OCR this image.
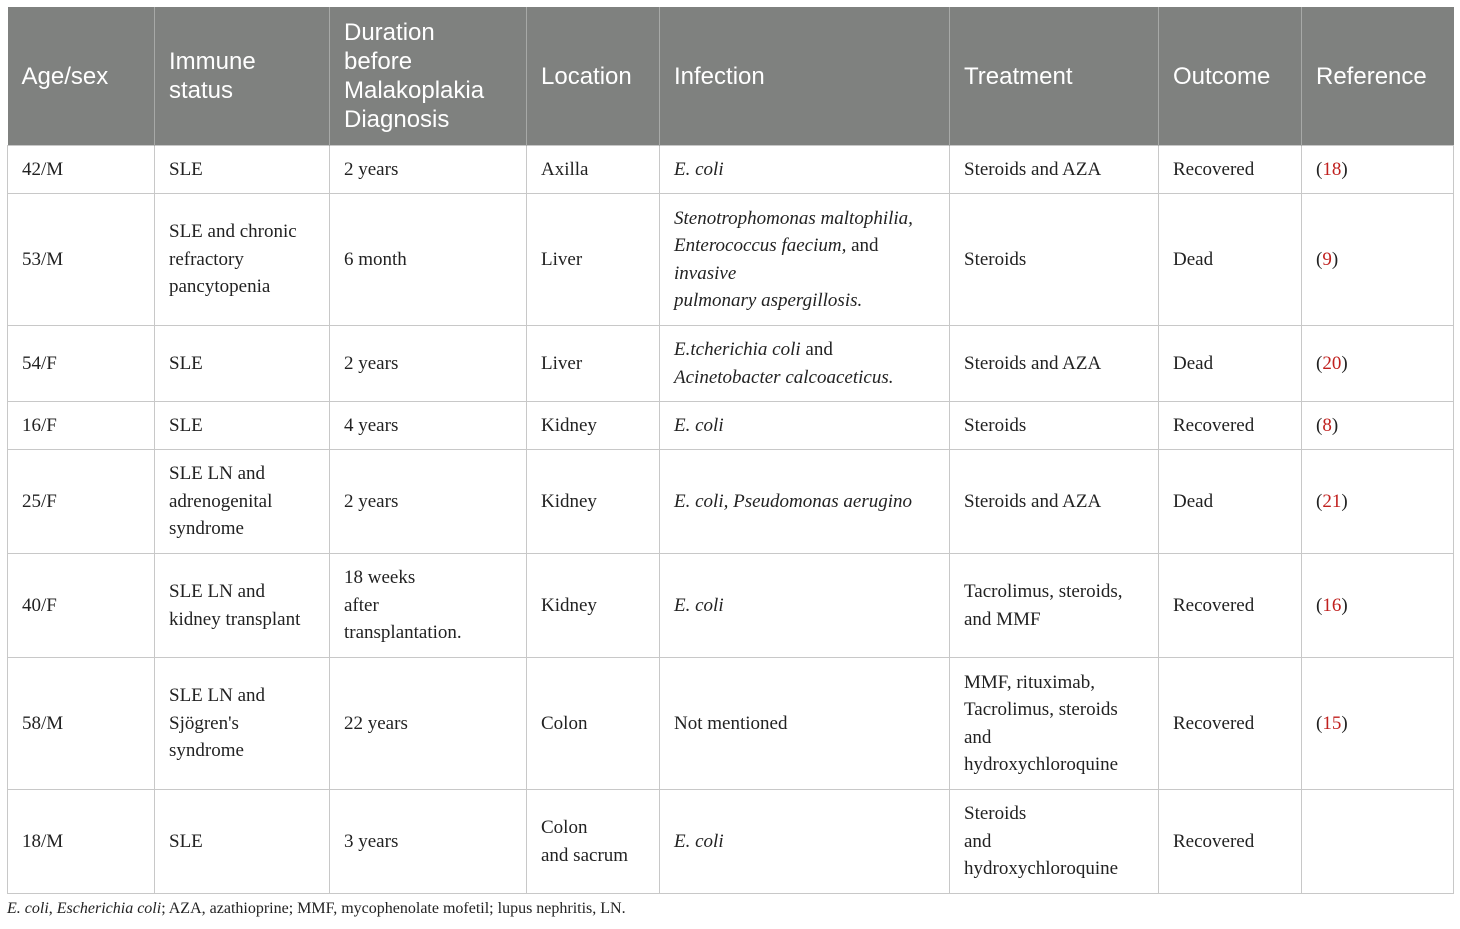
Age/sex	Immune
status	Duration
before
Malakoplakia
Diagnosis	Location	Infection	Treatment	Outcome	Reference
42/M	SLE	2 years	Axilla	E. coli	Steroids and AZA	Recovered	(18)
53/M	SLE and chronic
refractory
pancytopenia	6 month	Liver	Stenotrophomonas maltophilia,
Enterococcus faecium, and
invasive
pulmonary aspergillosis.	Steroids	Dead	(9)
54/F	SLE	2 years	Liver	E.tcherichia coli and
Acinetobacter calcoaceticus.	Steroids and AZA	Dead	(20)
16/F	SLE	4 years	Kidney	E. coli	Steroids	Recovered	(8)
25/F	SLE LN and
adrenogenital
syndrome	2 years	Kidney	E. coli, Pseudomonas aerugino	Steroids and AZA	Dead	(21)
40/F	SLE LN and
kidney transplant	18 weeks
after
transplantation.	Kidney	E. coli	Tacrolimus, steroids,
and MMF	Recovered	(16)
58/M	SLE LN and
Sjögren's
syndrome	22 years	Colon	Not mentioned	MMF, rituximab,
Tacrolimus, steroids
and
hydroxychloroquine	Recovered	(15)
18/M	SLE	3 years	Colon
and sacrum	E. coli	Steroids
and
hydroxychloroquine	Recovered	
E. coli, Escherichia coli; AZA, azathioprine; MMF, mycophenolate mofetil; lupus nephritis, LN.
